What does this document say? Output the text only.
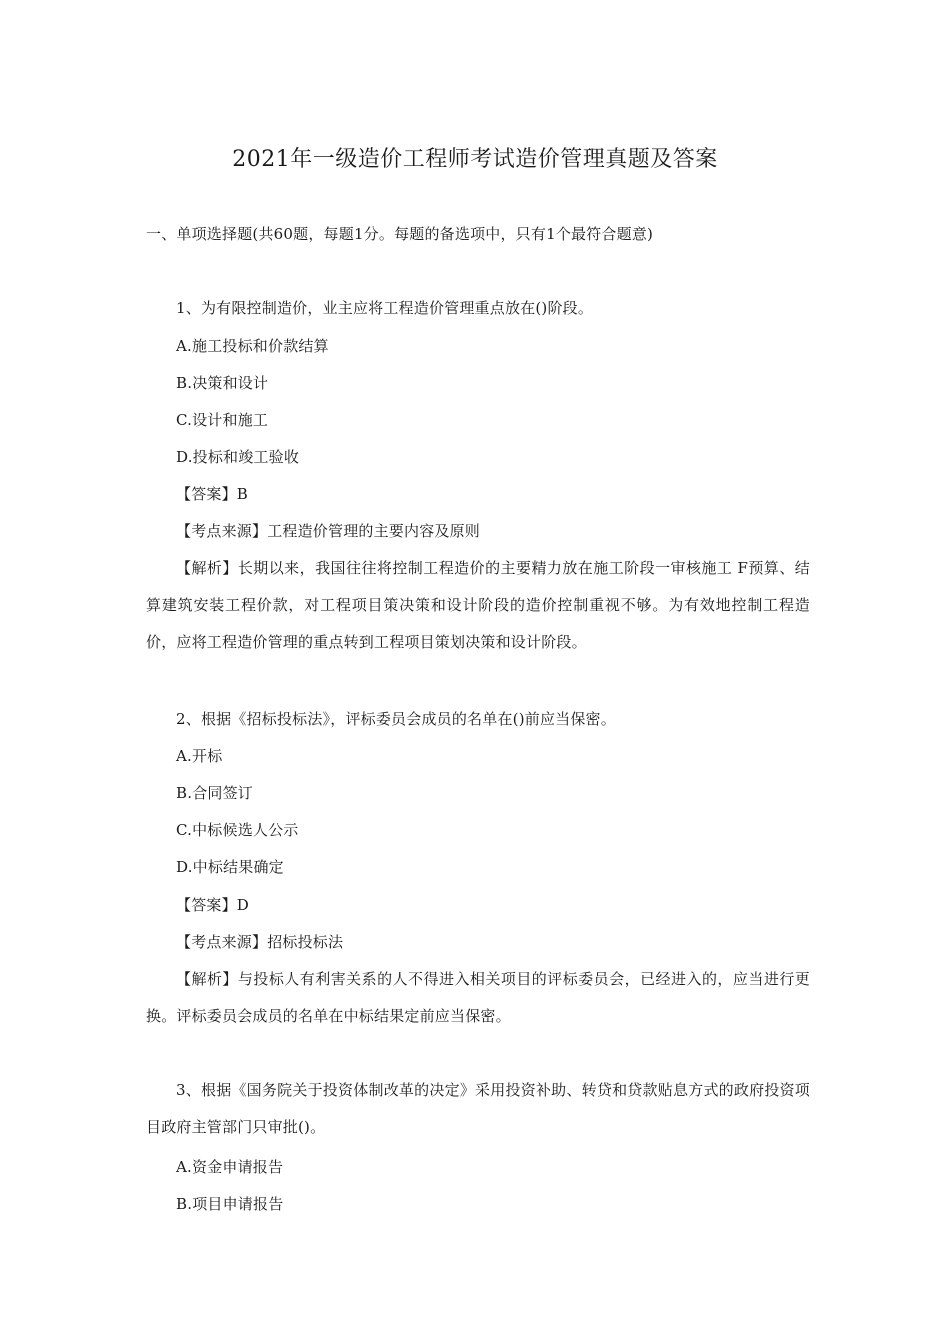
2021年一级造价工程师考试造价管理真题及答案
一、单项选择题(共60题，每题1分。每题的备选项中，只有1个最符合题意)
1、为有限控制造价，业主应将工程造价管理重点放在()阶段。
A.施工投标和价款结算
B.决策和设计
C.设计和施工
D.投标和竣工验收
【答案】B
【考点来源】工程造价管理的主要内容及原则
【解析】长期以来，我国往往将控制工程造价的主要精力放在施工阶段一审核施工 F预算、结算建筑安装工程价款，对工程项目策决策和设计阶段的造价控制重视不够。为有效地控制工程造价，应将工程造价管理的重点转到工程项目策划决策和设计阶段。
2、根据《招标投标法》，评标委员会成员的名单在()前应当保密。
A.开标
B.合同签订
C.中标候选人公示
D.中标结果确定
【答案】D
【考点来源】招标投标法
【解析】与投标人有利害关系的人不得进入相关项目的评标委员会，已经进入的，应当进行更换。评标委员会成员的名单在中标结果定前应当保密。
3、根据《国务院关于投资体制改革的决定》采用投资补助、转贷和贷款贴息方式的政府投资项目政府主管部门只审批()。
A.资金申请报告
B.项目申请报告
